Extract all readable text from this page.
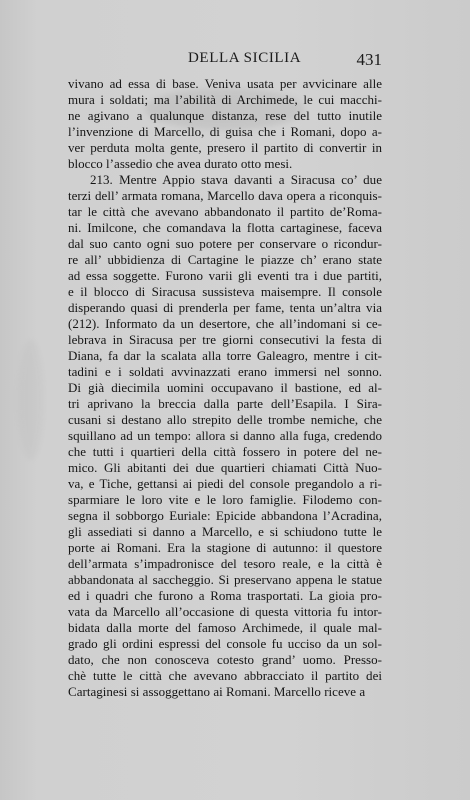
DELLA SICILIA	431
vivano ad essa di base. Veniva usata per avvicinare alle
mura i soldati; ma l’abilità di Archimede, le cui macchi-
ne agivano a qualunque distanza, rese del tutto inutile
l’invenzione di Marcello, di guisa che i Romani, dopo a-
ver perduta molta gente, presero il partito di convertir in
blocco l’assedio che avea durato otto mesi.
213. Mentre Appio stava davanti a Siracusa co’ due
terzi dell’ armata romana, Marcello dava opera a riconquis-
tar le città che avevano abbandonato il partito de’Roma-
ni. Imilcone, che comandava la flotta cartaginese, faceva
dal suo canto ogni suo potere per conservare o ricondur-
re all’ ubbidienza di Cartagine le piazze ch’ erano state
ad essa soggette. Furono varii gli eventi tra i due partiti,
e il blocco di Siracusa sussisteva maisempre. Il console
disperando quasi di prenderla per fame, tenta un’altra via
(212). Informato da un desertore, che all’indomani si ce-
lebrava in Siracusa per tre giorni consecutivi la festa di
Diana, fa dar la scalata alla torre Galeagro, mentre i cit-
tadini e i soldati avvinazzati erano immersi nel sonno.
Di già diecimila uomini occupavano il bastione, ed al-
tri aprivano la breccia dalla parte dell’Esapila. I Sira-
cusani si destano allo strepito delle trombe nemiche, che
squillano ad un tempo: allora si danno alla fuga, credendo
che tutti i quartieri della città fossero in potere del ne-
mico. Gli abitanti dei due quartieri chiamati Città Nuo-
va, e Tiche, gettansi ai piedi del console pregandolo a ri-
sparmiare le loro vite e le loro famiglie. Filodemo con-
segna il sobborgo Euriale: Epicide abbandona l’Acradina,
gli assediati si danno a Marcello, e si schiudono tutte le
porte ai Romani. Era la stagione di autunno: il questore
dell’armata s’impadronisce del tesoro reale, e la città è
abbandonata al saccheggio. Si preservano appena le statue
ed i quadri che furono a Roma trasportati. La gioia pro-
vata da Marcello all’occasione di questa vittoria fu intor-
bidata dalla morte del famoso Archimede, il quale mal-
grado gli ordini espressi del console fu ucciso da un sol-
dato, che non conosceva cotesto grand’ uomo. Presso-
chè tutte le città che avevano abbracciato il partito dei
Cartaginesi si assoggettano ai Romani. Marcello riceve a
